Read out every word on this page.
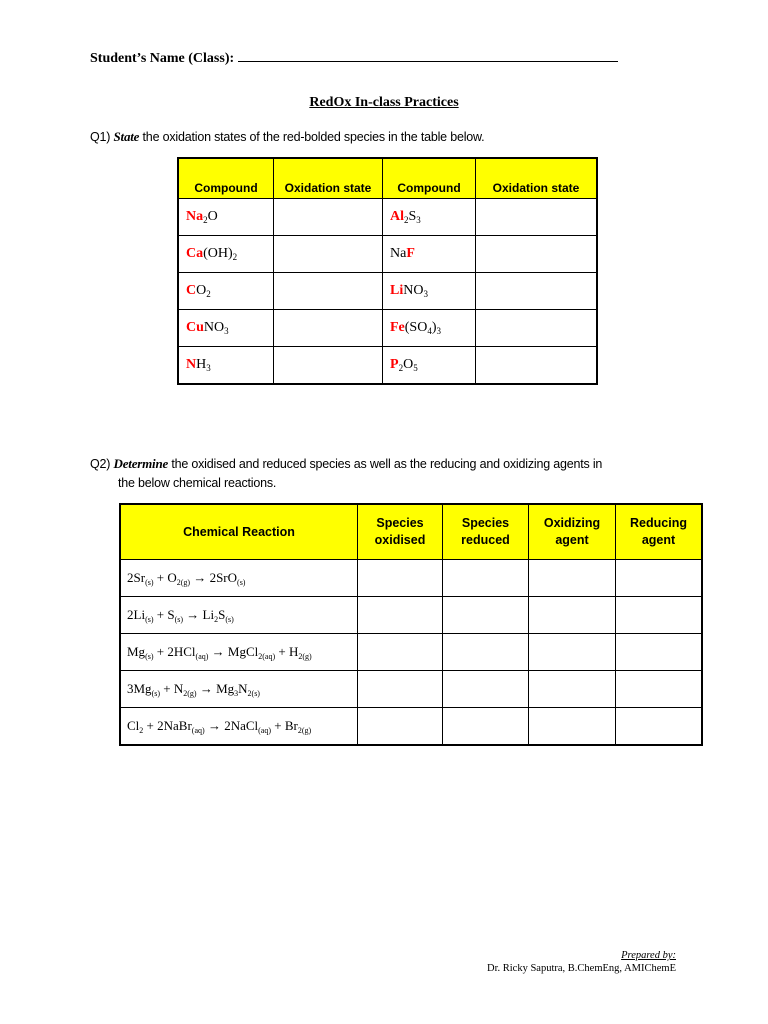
Student’s Name (Class):
RedOx In-class Practices
Q1) State the oxidation states of the red-bolded species in the table below.
Compound	Oxidation state	Compound	Oxidation state
$Na_2O$		$Al_2S_3$	
$Ca(OH)_2$		NaF	
$CO_2$		LiNO$_3$	
CuNO$_3$		$Fe(SO_4)_3$	
$NH_3$		$P_2O_5$	
Q2) Determine the oxidised and reduced species as well as the reducing and oxidizing agents in
the below chemical reactions.
Chemical Reaction	Species oxidised	Species reduced	Oxidizing agent	Reducing agent
$2Sr_{(s)} + O_{2(g)} \to 2SrO_{(s)}$				
$2Li_{(s)} + S_{(s)} \to Li_2S_{(s)}$				
$Mg_{(s)} + 2HCl_{(aq)}$ → MgCl$_{2(aq)}$ + $H_{2(g)}$				
$3Mg_{(s)} + N_{2(g)} \to Mg_3N_{2(s)}$				
$Cl_2$ + 2NaBr$_{(aq)}$ → 2NaCl$_{(aq)}$ + $Br_{2(g)}$				
Prepared by:
Dr. Ricky Saputra, B.ChemEng, AMIChemE
